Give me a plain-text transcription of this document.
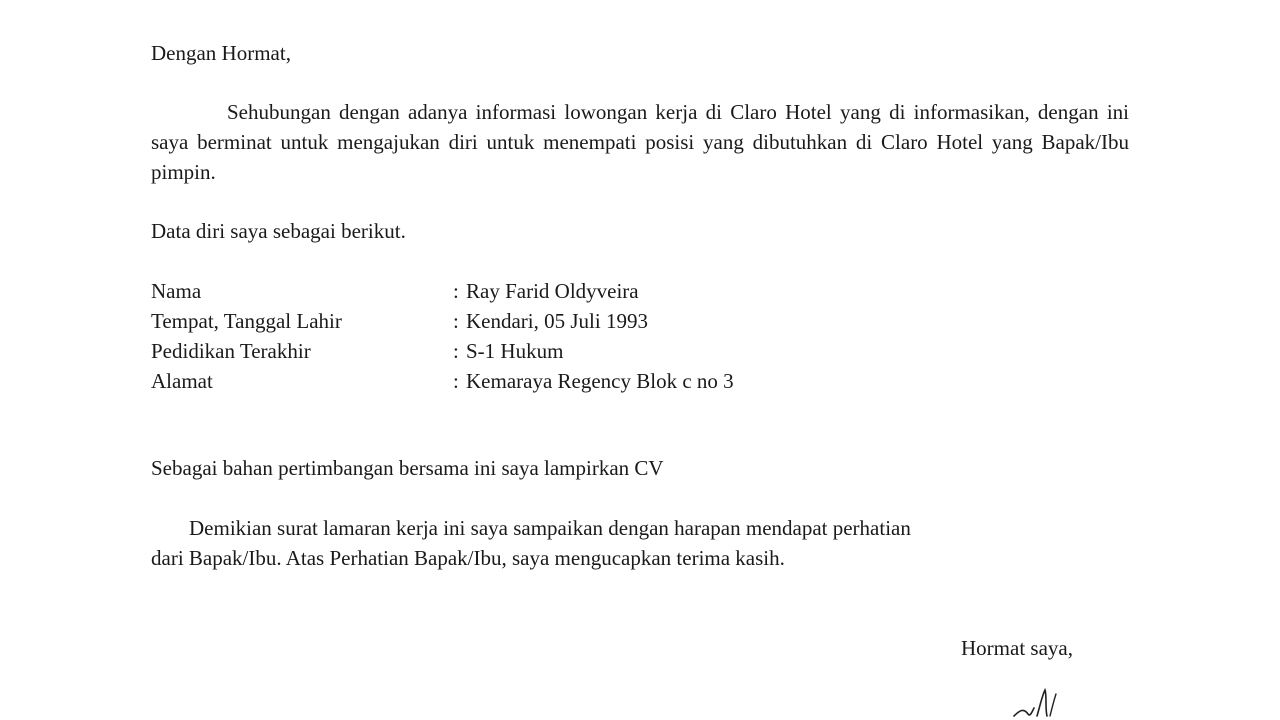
Dengan Hormat,

Sehubungan dengan adanya informasi lowongan kerja di Claro Hotel yang di informasikan, dengan ini saya berminat untuk mengajukan diri untuk menempati posisi yang dibutuhkan di Claro Hotel yang Bapak/Ibu pimpin.

Data diri saya sebagai berikut.
Nama	:	Ray Farid Oldyveira
Tempat, Tanggal Lahir	:	Kendari, 05 Juli 1993
Pedidikan Terakhir	:	S-1 Hukum
Alamat	:	Kemaraya Regency Blok c no 3
Sebagai bahan pertimbangan bersama ini saya lampirkan CV

Demikian surat lamaran kerja ini saya sampaikan dengan harapan mendapat perhatian
dari Bapak/Ibu. Atas Perhatian Bapak/Ibu, saya mengucapkan terima kasih.

Hormat saya,
